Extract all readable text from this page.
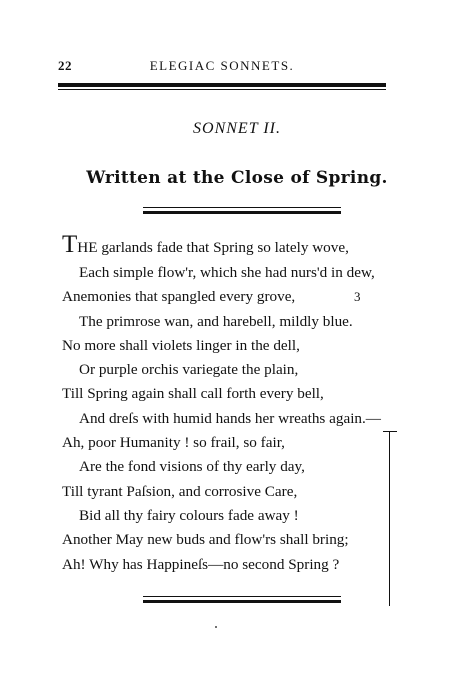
22	ELEGIAC SONNETS.
SONNET II.
Written at the Close of Spring.
THE garlands fade that Spring so lately wove,
Each simple flow'r, which she had nurs'd in dew,
Anemonies that spangled every grove,	3
The primrose wan, and harebell, mildly blue.
No more shall violets linger in the dell,
Or purple orchis variegate the plain,
Till Spring again shall call forth every bell,
And dreſs with humid hands her wreaths again.—
Ah, poor Humanity ! so frail, so fair,
Are the fond visions of thy early day,
Till tyrant Paſsion, and corrosive Care,
Bid all thy fairy colours fade away !
Another May new buds and flow'rs shall bring;
Ah! Why has Happineſs—no second Spring ?
